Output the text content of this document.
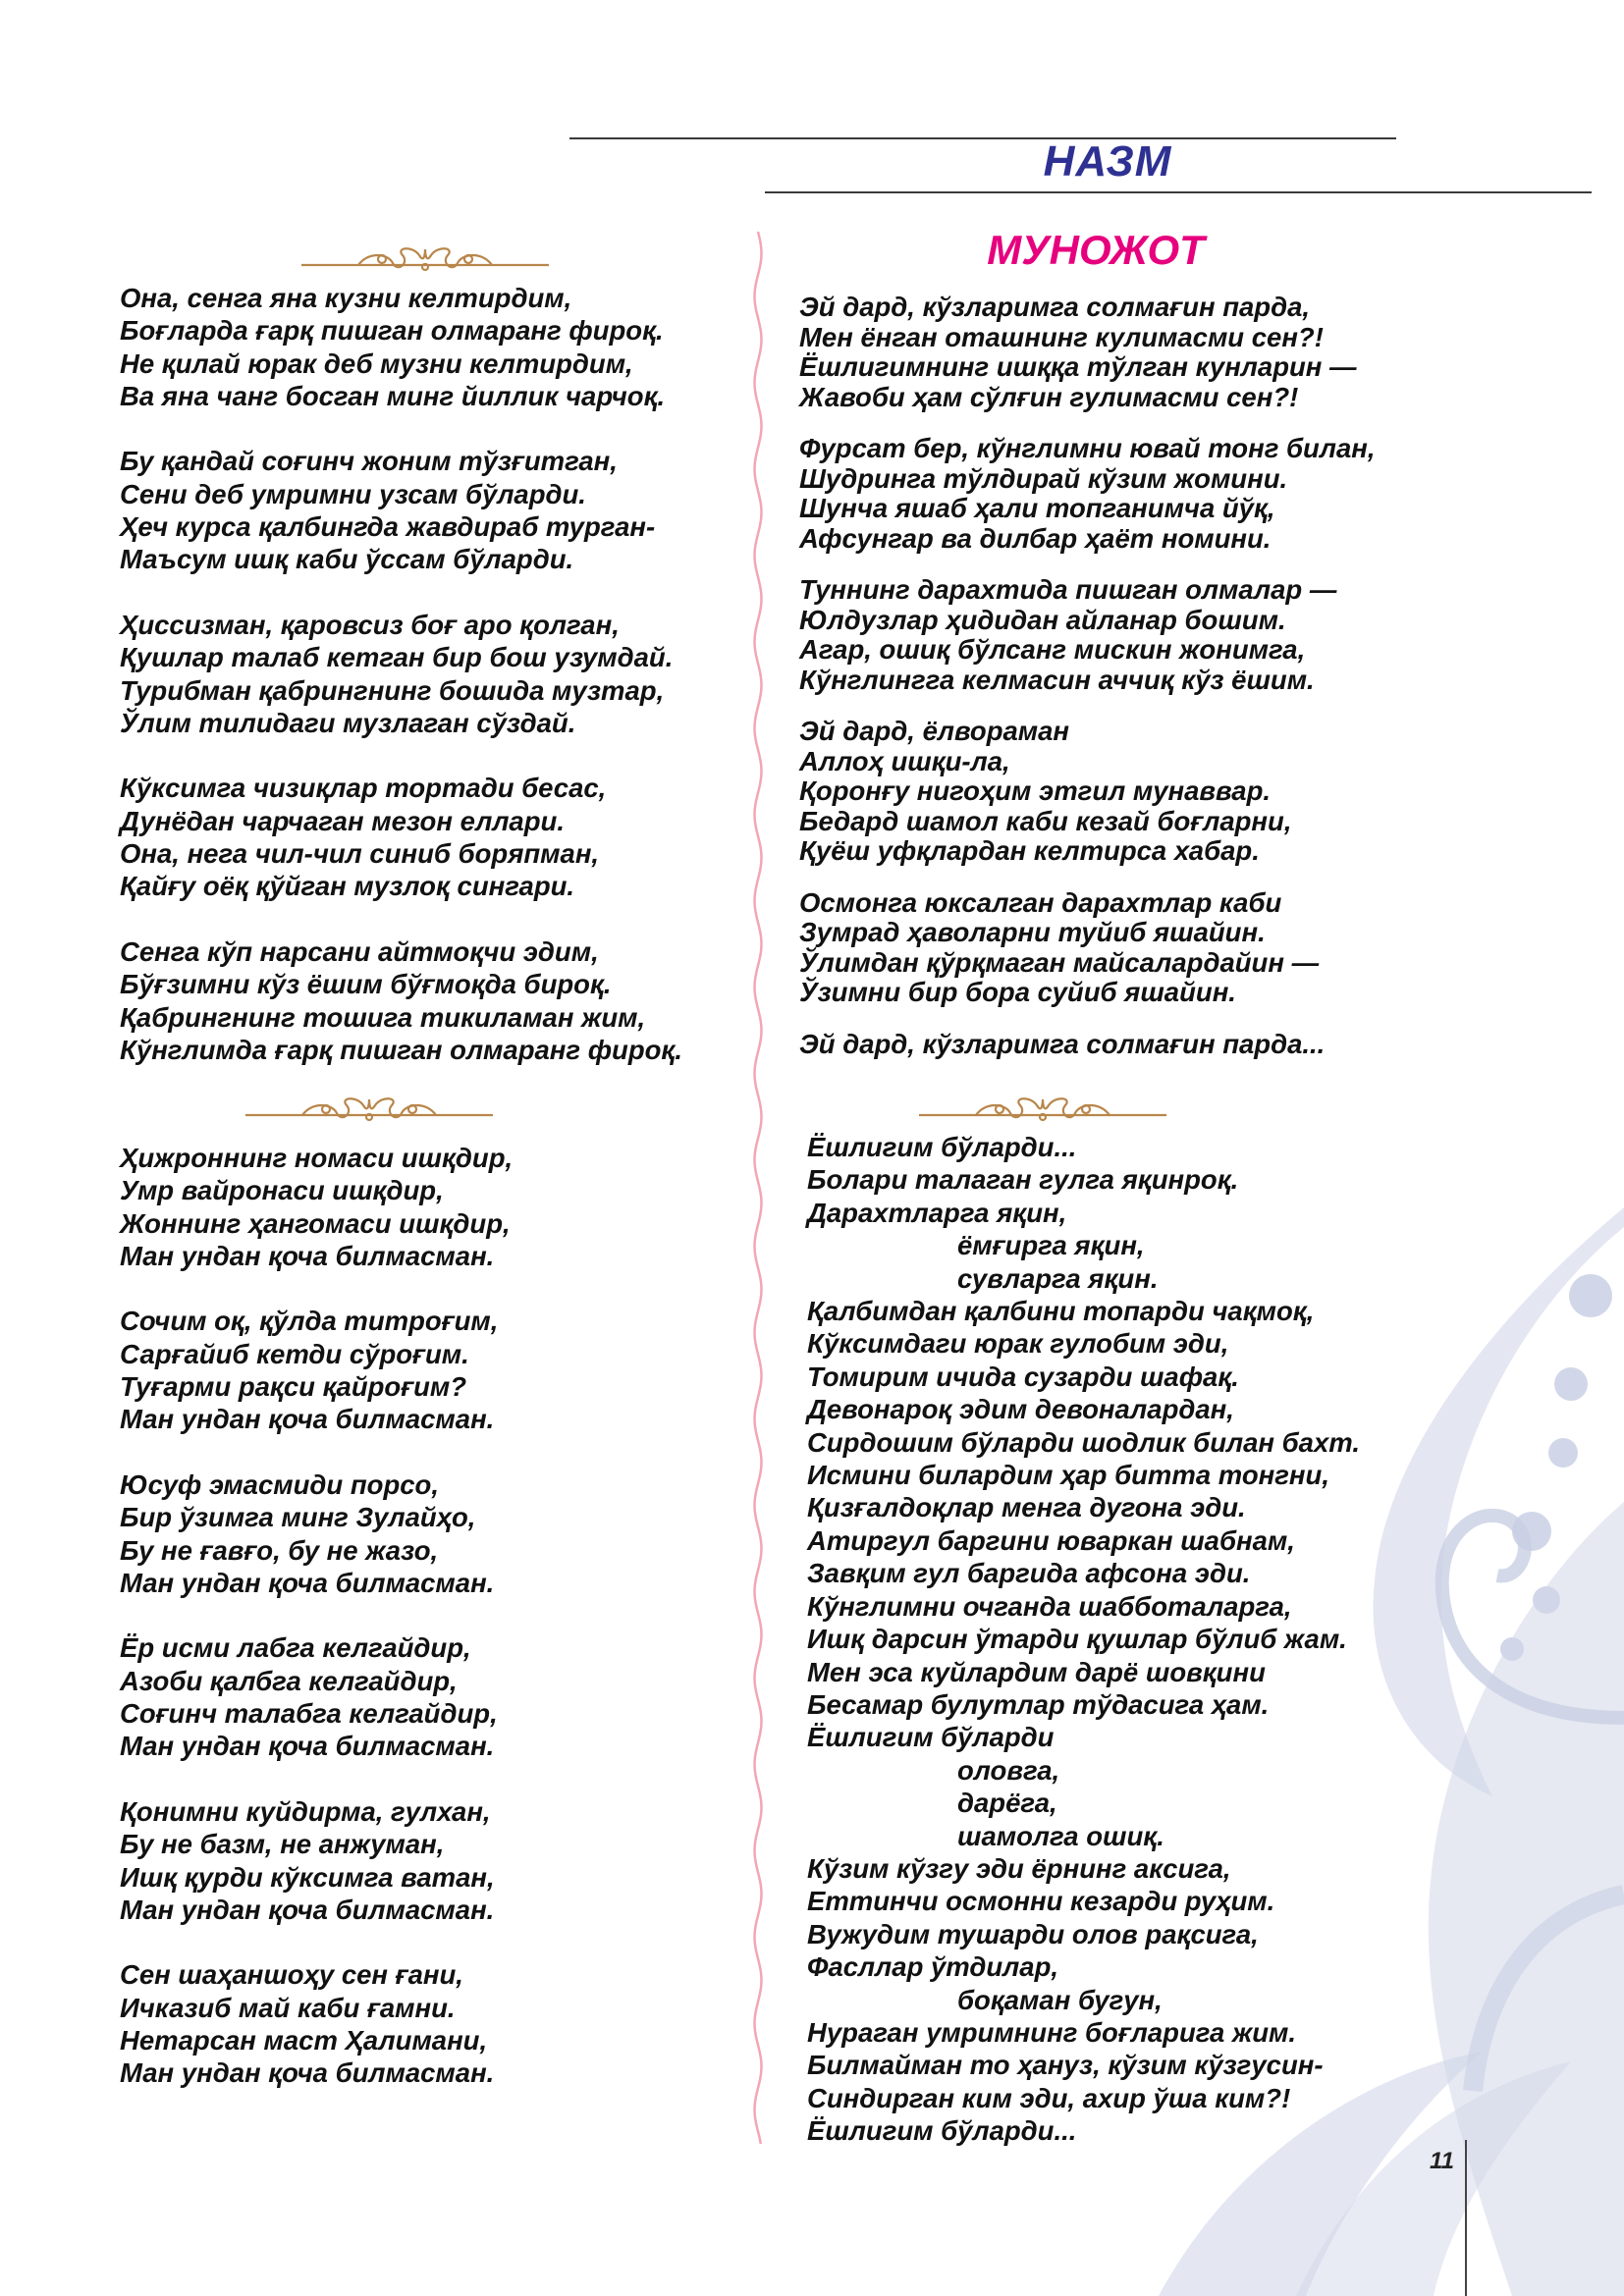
НАЗМ
Она, сенга яна кузни келтирдим,
Боғларда ғарқ пишган олмаранг фироқ.
Не қилай юрак деб музни келтирдим,
Ва яна чанг босган минг йиллик чарчоқ.
Бу қандай соғинч жоним тўзғитган,
Сени деб умримни узсам бўларди.
Ҳеч курса қалбингда жавдираб турган-
Маъсум ишқ каби ўссам бўларди.
Ҳиссизман, қаровсиз боғ аро қолган,
Қушлар талаб кетган бир бош узумдай.
Турибман қабрингнинг бошида музтар,
Ўлим тилидаги музлаган сўздай.
Кўксимга чизиқлар тортади бесас,
Дунёдан чарчаган мезон еллари.
Она, нега чил-чил синиб боряпман,
Қайғу оёқ қўйган музлоқ сингари.
Сенга кўп нарсани айтмоқчи эдим,
Бўғзимни кўз ёшим бўғмоқда бироқ.
Қабрингнинг тошига тикиламан жим,
Кўнглимда ғарқ пишган олмаранг фироқ.
Ҳижроннинг номаси ишқдир,
Умр вайронаси ишқдир,
Жоннинг ҳангомаси ишқдир,
Ман ундан қоча билмасман.
Сочим оқ, қўлда титроғим,
Сарғайиб кетди сўроғим.
Туғарми рақси қайроғим?
Ман ундан қоча билмасман.
Юсуф эмасмиди порсо,
Бир ўзимга минг Зулайҳо,
Бу не ғавғо, бу не жазо,
Ман ундан қоча билмасман.
Ёр исми лабга келгайдир,
Азоби қалбга келгайдир,
Соғинч талабга келгайдир,
Ман ундан қоча билмасман.
Қонимни куйдирма, гулхан,
Бу не базм, не анжуман,
Ишқ қурди кўксимга ватан,
Ман ундан қоча билмасман.
Сен шаҳаншоҳу сен ғани,
Ичказиб май каби ғамни.
Нетарсан маст Ҳалимани,
Ман ундан қоча билмасман.
МУНОЖОТ
Эй дард, кўзларимга солмағин парда,
Мен ёнган оташнинг кулимасми сен?!
Ёшлигимнинг ишққа тўлган кунларин —
Жавоби ҳам сўлғин гулимасми сен?!
Фурсат бер, кўнглимни ювай тонг билан,
Шудринга тўлдирай кўзим жомини.
Шунча яшаб ҳали топганимча йўқ,
Афсунгар ва дилбар ҳаёт номини.
Туннинг дарахтида пишган олмалар —
Юлдузлар ҳидидан айланар бошим.
Агар, ошиқ бўлсанг мискин жонимга,
Кўнглингга келмасин аччиқ кўз ёшим.
Эй дард, ёлвораман
Аллоҳ ишқи-ла,
Қоронғу нигоҳим этгил мунаввар.
Бедард шамол каби кезай боғларни,
Қуёш уфқлардан келтирса хабар.
Осмонга юксалган дарахтлар каби
Зумрад ҳаволарни туйиб яшайин.
Ўлимдан қўрқмаган майсалардайин —
Ўзимни бир бора суйиб яшайин.
Эй дард, кўзларимга солмағин парда...
Ёшлигим бўларди...
Болари талаган гулга яқинроқ.
Дарахтларга яқин,
ёмғирга яқин,
сувларга яқин.
Қалбимдан қалбини топарди чақмоқ,
Кўксимдаги юрак гулобим эди,
Томирим ичида сузарди шафақ.
Девонароқ эдим девоналардан,
Сирдошим бўларди шодлик билан бахт.
Исмини билардим ҳар битта тонгни,
Қизғалдоқлар менга дугона эди.
Атиргул баргини юваркан шабнам,
Завқим гул баргида афсона эди.
Кўнглимни очганда шабботаларга,
Ишқ дарсин ўтарди қушлар бўлиб жам.
Мен эса куйлардим дарё шовқини
Бесамар булутлар тўдасига ҳам.
Ёшлигим бўларди
оловга,
дарёга,
шамолга ошиқ.
Кўзим кўзгу эди ёрнинг аксига,
Еттинчи осмонни кезарди руҳим.
Вужудим тушарди олов рақсига,
Фасллар ўтдилар,
боқаман бугун,
Нураган умримнинг боғларига жим.
Билмайман то ҳануз, кўзим кўзгусин-
Синдирган ким эди, ахир ўша ким?!
Ёшлигим бўларди...
11
